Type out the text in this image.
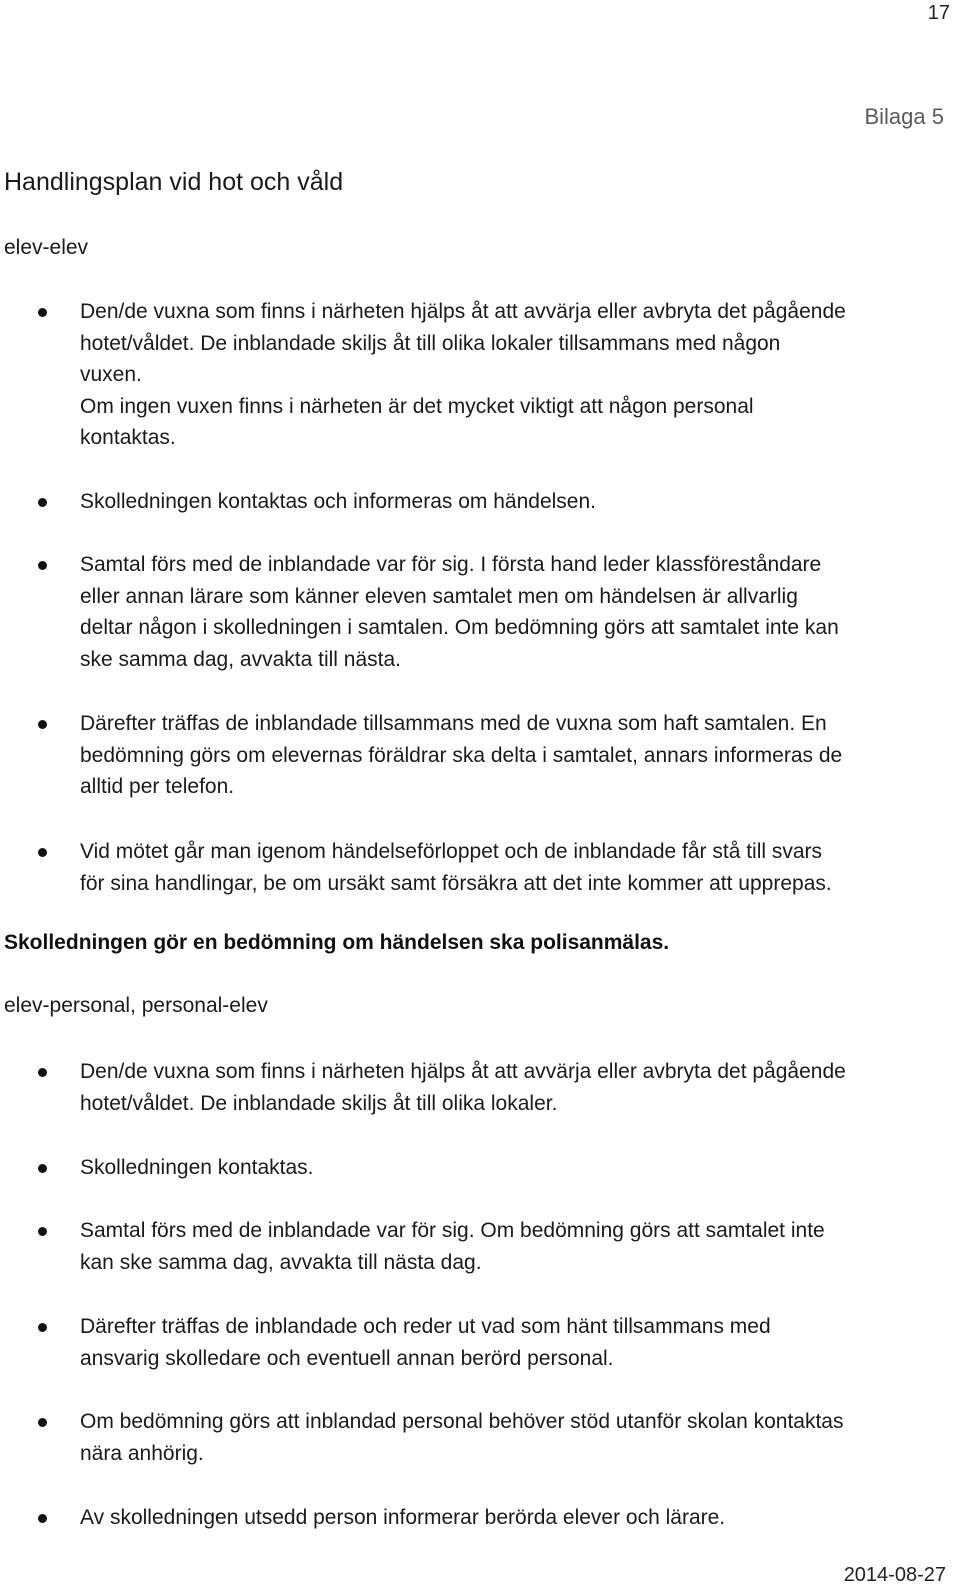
17
Bilaga 5
Handlingsplan vid hot och våld
elev-elev
Den/de vuxna som finns i närheten hjälps åt att avvärja eller avbryta det pågående
hotet/våldet. De inblandade skiljs åt till olika lokaler tillsammans med någon
vuxen.
Om ingen vuxen finns i närheten är det mycket viktigt att någon personal
kontaktas.
Skolledningen kontaktas och informeras om händelsen.
Samtal förs med de inblandade var för sig. I första hand leder klassföreståndare
eller annan lärare som känner eleven samtalet men om händelsen är allvarlig
deltar någon i skolledningen i samtalen. Om bedömning görs att samtalet inte kan
ske samma dag, avvakta till nästa.
Därefter träffas de inblandade tillsammans med de vuxna som haft samtalen. En
bedömning görs om elevernas föräldrar ska delta i samtalet, annars informeras de
alltid per telefon.
Vid mötet går man igenom händelseförloppet och de inblandade får stå till svars
för sina handlingar, be om ursäkt samt försäkra att det inte kommer att upprepas.
Skolledningen gör en bedömning om händelsen ska polisanmälas.
elev-personal, personal-elev
Den/de vuxna som finns i närheten hjälps åt att avvärja eller avbryta det pågående
hotet/våldet. De inblandade skiljs åt till olika lokaler.
Skolledningen kontaktas.
Samtal förs med de inblandade var för sig. Om bedömning görs att samtalet inte
kan ske samma dag, avvakta till nästa dag.
Därefter träffas de inblandade och reder ut vad som hänt tillsammans med
ansvarig skolledare och eventuell annan berörd personal.
Om bedömning görs att inblandad personal behöver stöd utanför skolan kontaktas
nära anhörig.
Av skolledningen utsedd person informerar berörda elever och lärare.
2014-08-27
